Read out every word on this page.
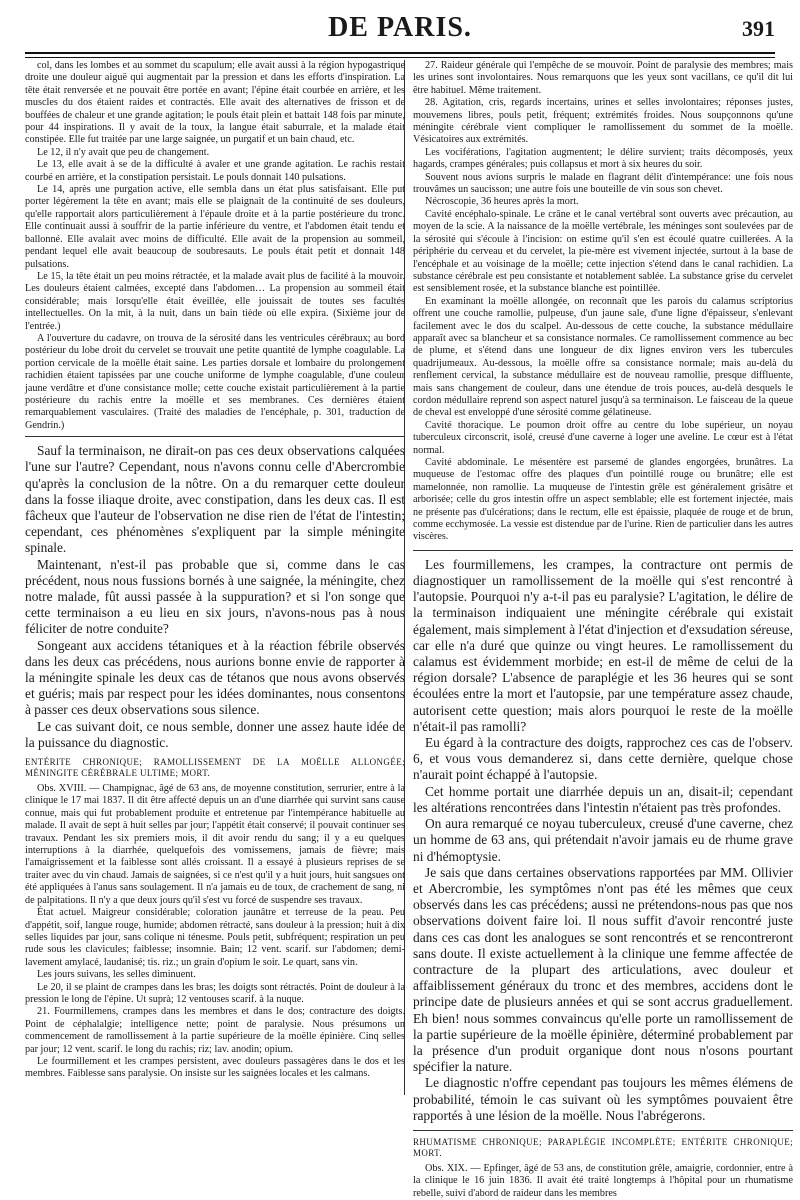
DE PARIS.	391

col, dans les lombes et au sommet du scapulum; elle avait aussi à la région hypogastrique droite une douleur aiguë qui augmentait par la pression et dans les efforts d'inspiration. La tête était renversée et ne pouvait être portée en avant; l'épine était courbée en arrière, et les muscles du dos étaient raides et contractés. Elle avait des alternatives de frisson et de bouffées de chaleur et une grande agitation; le pouls était plein et battait 148 fois par minute, pour 44 inspirations. Il y avait de la toux, la langue était saburrale, et la malade était constipée. Elle fut traitée par une large saignée, un purgatif et un bain chaud, etc.

Le 12, il n'y avait que peu de changement.

Le 13, elle avait à se de la difficulté à avaler et une grande agitation. Le rachis restait courbé en arrière, et la constipation persistait. Le pouls donnait 140 pulsations.

Le 14, après une purgation active, elle sembla dans un état plus satisfaisant. Elle put porter légèrement la tête en avant; mais elle se plaignait de la continuité de ses douleurs, qu'elle rapportait alors particulièrement à l'épaule droite et à la partie postérieure du tronc. Elle continuait aussi à souffrir de la partie inférieure du ventre, et l'abdomen était tendu et ballonné. Elle avalait avec moins de difficulté. Elle avait de la propension au sommeil, pendant lequel elle avait beaucoup de soubresauts. Le pouls était petit et donnait 148 pulsations.

Le 15, la tête était un peu moins rétractée, et la malade avait plus de facilité à la mouvoir. Les douleurs étaient calmées, excepté dans l'abdomen… La propension au sommeil était considérable; mais lorsqu'elle était éveillée, elle jouissait de toutes ses facultés intellectuelles. On la mit, à la nuit, dans un bain tiède où elle expira. (Sixième jour de l'entrée.)

A l'ouverture du cadavre, on trouva de la sérosité dans les ventricules cérébraux; au bord postérieur du lobe droit du cervelet se trouvait une petite quantité de lymphe coagulable. La portion cervicale de la moëlle était saine. Les parties dorsale et lombaire du prolongement rachidien étaient tapissées par une couche uniforme de lymphe coagulable, d'une couleur jaune verdâtre et d'une consistance molle; cette couche existait particulièrement à la partie postérieure du rachis entre la moëlle et ses membranes. Ces dernières étaient remarquablement vasculaires. (Traité des maladies de l'encéphale, p. 301, traduction de Gendrin.)

Sauf la terminaison, ne dirait-on pas ces deux observations calquées l'une sur l'autre? Cependant, nous n'avons connu celle d'Abercrombie qu'après la conclusion de la nôtre. On a du remarquer cette douleur dans la fosse iliaque droite, avec constipation, dans les deux cas. Il est fâcheux que l'auteur de l'observation ne dise rien de l'état de l'intestin; cependant, ces phénomènes s'expliquent par la simple méningite spinale.

Maintenant, n'est-il pas probable que si, comme dans le cas précédent, nous nous fussions bornés à une saignée, la méningite, chez notre malade, fût aussi passée à la suppuration? et si l'on songe que cette terminaison a eu lieu en six jours, n'avons-nous pas à nous féliciter de notre conduite?

Songeant aux accidens tétaniques et à la réaction fébrile observés dans les deux cas précédens, nous aurions bonne envie de rapporter à la méningite spinale les deux cas de tétanos que nous avons observés et guéris; mais par respect pour les idées dominantes, nous consentons à passer ces deux observations sous silence.

Le cas suivant doit, ce nous semble, donner une assez haute idée de la puissance du diagnostic.

ENTÉRITE CHRONIQUE; RAMOLLISSEMENT DE LA MOËLLE ALLONGÉE; MÉNINGITE CÉRÉBRALE ULTIME; MORT.

Obs. XVIII. — Champignac, âgé de 63 ans, de moyenne constitution, serrurier, entre à la clinique le 17 mai 1837. Il dit être affecté depuis un an d'une diarrhée qui survint sans cause connue, mais qui fut probablement produite et entretenue par l'intempérance habituelle au malade. Il avait de sept à huit selles par jour; l'appétit était conservé; il pouvait continuer ses travaux. Pendant les six premiers mois, il dit avoir rendu du sang; il y a eu quelques interruptions à la diarrhée, quelquefois des vomissemens, jamais de fièvre; mais l'amaigrissement et la faiblesse sont allés croissant. Il a essayé à plusieurs reprises de se traiter avec du vin chaud. Jamais de saignées, si ce n'est qu'il y a huit jours, huit sangsues ont été appliquées à l'anus sans soulagement. Il n'a jamais eu de toux, de crachement de sang, ni de palpitations. Il n'y a que deux jours qu'il s'est vu forcé de suspendre ses travaux.

État actuel. Maigreur considérable; coloration jaunâtre et terreuse de la peau. Peu d'appétit, soif, langue rouge, humide; abdomen rétracté, sans douleur à la pression; huit à dix selles liquides par jour, sans colique ni ténesme. Pouls petit, subfréquent; respiration un peu rude sous les clavicules; faiblesse; insomnie. Bain; 12 vent. scarif. sur l'abdomen; demi-lavement amylacé, laudanisé; tis. riz.; un grain d'opium le soir. Le quart, sans vin.

Les jours suivans, les selles diminuent.

Le 20, il se plaint de crampes dans les bras; les doigts sont rétractés. Point de douleur à la pression le long de l'épine. Ut suprà; 12 ventouses scarif. à la nuque.

21. Fourmillemens, crampes dans les membres et dans le dos; contracture des doigts. Point de céphalalgie; intelligence nette; point de paralysie. Nous présumons un commencement de ramollissement à la partie supérieure de la moëlle épinière. Cinq selles par jour; 12 vent. scarif. le long du rachis; riz; lav. anodin; opium.

Le fourmillement et les crampes persistent, avec douleurs passagères dans le dos et les membres. Faiblesse sans paralysie. On insiste sur les saignées locales et les calmans.

27. Raideur générale qui l'empêche de se mouvoir. Point de paralysie des membres; mais les urines sont involontaires. Nous remarquons que les yeux sont vacillans, ce qu'il dit lui être habituel. Même traitement.

28. Agitation, cris, regards incertains, urines et selles involontaires; réponses justes, mouvemens libres, pouls petit, fréquent; extrémités froides. Nous soupçonnons qu'une méningite cérébrale vient compliquer le ramollissement du sommet de la moëlle. Vésicatoires aux extrémités.

Les vociférations, l'agitation augmentent; le délire survient; traits décomposés, yeux hagards, crampes générales; puis collapsus et mort à six heures du soir.

Souvent nous avions surpris le malade en flagrant délit d'intempérance: une fois nous trouvâmes un saucisson; une autre fois une bouteille de vin sous son chevet.

Nécroscopie, 36 heures après la mort.

Cavité encéphalo-spinale. Le crâne et le canal vertébral sont ouverts avec précaution, au moyen de la scie. A la naissance de la moëlle vertébrale, les méninges sont soulevées par de la sérosité qui s'écoule à l'incision: on estime qu'il s'en est écoulé quatre cuillerées. A la périphérie du cerveau et du cervelet, la pie-mère est vivement injectée, surtout à la base de l'encéphale et au voisinage de la moëlle; cette injection s'étend dans le canal rachidien. La substance cérébrale est peu consistante et notablement sablée. La substance grise du cervelet est sensiblement rosée, et la substance blanche est pointillée.

En examinant la moëlle allongée, on reconnaît que les parois du calamus scriptorius offrent une couche ramollie, pulpeuse, d'un jaune sale, d'une ligne d'épaisseur, s'enlevant facilement avec le dos du scalpel. Au-dessous de cette couche, la substance médullaire apparaît avec sa blancheur et sa consistance normales. Ce ramollissement commence au bec de plume, et s'étend dans une longueur de dix lignes environ vers les tubercules quadrijumeaux. Au-dessous, la moëlle offre sa consistance normale; mais au-delà du renflement cervical, la substance médullaire est de nouveau ramollie, presque diffluente, mais sans changement de couleur, dans une étendue de trois pouces, au-delà desquels le cordon médullaire reprend son aspect naturel jusqu'à sa terminaison. Le faisceau de la queue de cheval est enveloppé d'une sérosité comme gélatineuse.

Cavité thoracique. Le poumon droit offre au centre du lobe supérieur, un noyau tuberculeux circonscrit, isolé, creusé d'une caverne à loger une aveline. Le cœur est à l'état normal.

Cavité abdominale. Le mésentère est parsemé de glandes engorgées, brunâtres. La muqueuse de l'estomac offre des plaques d'un pointillé rouge ou brunâtre; elle est mamelonnée, non ramollie. La muqueuse de l'intestin grêle est généralement grisâtre et arborisée; celle du gros intestin offre un aspect semblable; elle est fortement injectée, mais ne présente pas d'ulcérations; dans le rectum, elle est épaissie, plaquée de rouge et de brun, comme ecchymosée. La vessie est distendue par de l'urine. Rien de particulier dans les autres viscères.

Les fourmillemens, les crampes, la contracture ont permis de diagnostiquer un ramollissement de la moëlle qui s'est rencontré à l'autopsie. Pourquoi n'y a-t-il pas eu paralysie? L'agitation, le délire de la terminaison indiquaient une méningite cérébrale qui existait également, mais simplement à l'état d'injection et d'exsudation séreuse, car elle n'a duré que quinze ou vingt heures. Le ramollissement du calamus est évidemment morbide; en est-il de même de celui de la région dorsale? L'absence de paraplégie et les 36 heures qui se sont écoulées entre la mort et l'autopsie, par une température assez chaude, autorisent cette question; mais alors pourquoi le reste de la moëlle n'était-il pas ramolli?

Eu égard à la contracture des doigts, rapprochez ces cas de l'observ. 6, et vous vous demanderez si, dans cette dernière, quelque chose n'aurait point échappé à l'autopsie.

Cet homme portait une diarrhée depuis un an, disait-il; cependant les altérations rencontrées dans l'intestin n'étaient pas très profondes.

On aura remarqué ce noyau tuberculeux, creusé d'une caverne, chez un homme de 63 ans, qui prétendait n'avoir jamais eu de rhume grave ni d'hémoptysie.

Je sais que dans certaines observations rapportées par MM. Ollivier et Abercrombie, les symptômes n'ont pas été les mêmes que ceux observés dans les cas précédens; aussi ne prétendons-nous pas que nos observations doivent faire loi. Il nous suffit d'avoir rencontré juste dans ces cas dont les analogues se sont rencontrés et se rencontreront sans doute. Il existe actuellement à la clinique une femme affectée de contracture de la plupart des articulations, avec douleur et affaiblissement généraux du tronc et des membres, accidens dont le principe date de plusieurs années et qui se sont accrus graduellement. Eh bien! nous sommes convaincus qu'elle porte un ramollissement de la partie supérieure de la moëlle épinière, déterminé probablement par la présence d'un produit organique dont nous n'osons pourtant spécifier la nature.

Le diagnostic n'offre cependant pas toujours les mêmes élémens de probabilité, témoin le cas suivant où les symptômes pouvaient être rapportés à une lésion de la moëlle. Nous l'abrégerons.

RHUMATISME CHRONIQUE; PARAPLÉGIE INCOMPLÈTE; ENTÉRITE CHRONIQUE; MORT.

Obs. XIX. — Epfinger, âgé de 53 ans, de constitution grêle, amaigrie, cordonnier, entre à la clinique le 16 juin 1836. Il avait été traité longtemps à l'hôpital pour un rhumatisme rebelle, suivi d'abord de raideur dans les membres
